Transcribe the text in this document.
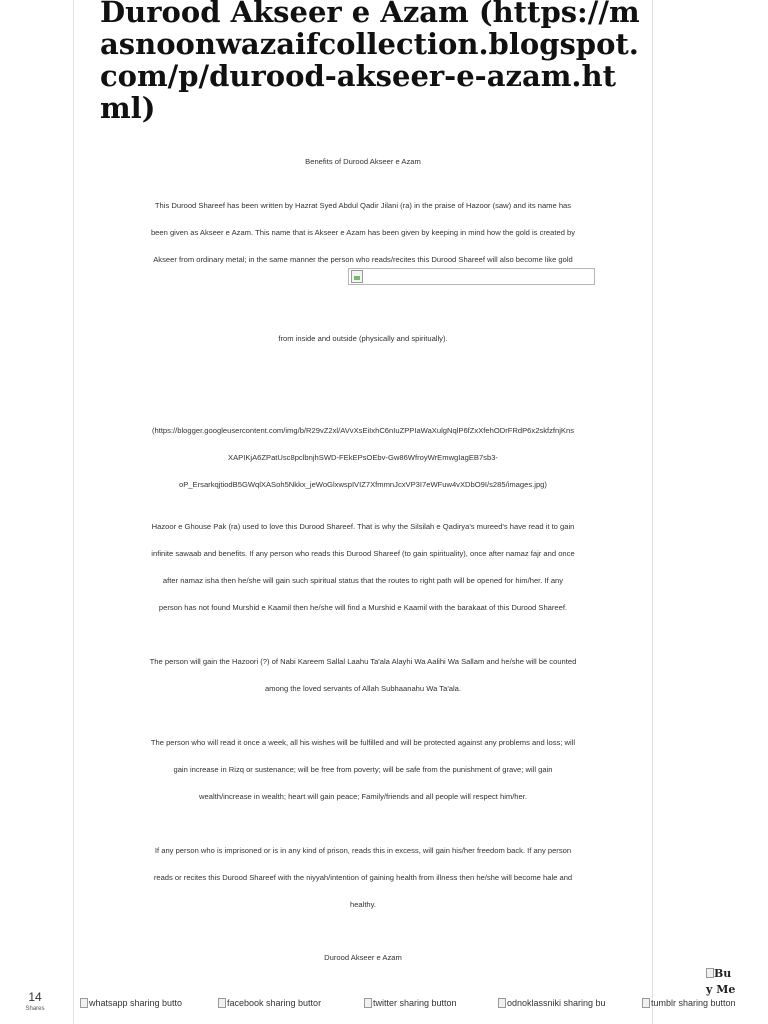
Durood Akseer e Azam (https://masnoonwazaifcollection.blogspot.com/p/durood-akseer-e-azam.html)
Benefits of Durood Akseer e Azam
This Durood Shareef has been written by Hazrat Syed Abdul Qadir Jilani (ra) in the praise of Hazoor (saw) and its name has
been given as Akseer e Azam. This name that is Akseer e Azam has been given by keeping in mind how the gold is created by
Akseer from ordinary metal; in the same manner the person who reads/recites this Durood Shareef will also become like gold
from inside and outside (physically and spiritually).
(https://blogger.googleusercontent.com/img/b/R29vZ2xl/AVvXsEiIxhC6nIuZPPIaWaXulgNqlP6fZxXfehODrFRdP6x2skfzfnjKns
XAPIKjA6ZPatUsc8pclbnjhSWD-FEkEPsOEbv-Gw86WfroyWrEmwgIagEB7sb3-
oP_ErsarkqjtiodB5GWqlXASoh5Nkkx_jeWoGlxwspIVIZ7XfmmnJcxVP3I7eWFuw4vXDbO9I/s285/images.jpg)
Hazoor e Ghouse Pak (ra) used to love this Durood Shareef. That is why the Silsilah e Qadirya's mureed's have read it to gain
infinite sawaab and benefits. If any person who reads this Durood Shareef (to gain spirituality), once after namaz fajr and once
after namaz isha then he/she will gain such spiritual status that the routes to right path will be opened for him/her. If any
person has not found Murshid e Kaamil then he/she will find a Murshid e Kaamil with the barakaat of this Durood Shareef.
The person will gain the Hazoori (?) of Nabi Kareem Sallal Laahu Ta'ala Alayhi Wa Aalihi Wa Sallam and he/she will be counted
among the loved servants of Allah Subhaanahu Wa Ta'ala.
The person who will read it once a week, all his wishes will be fulfilled and will be protected against any problems and loss; will
gain increase in Rizq or sustenance; will be free from poverty; will be safe from the punishment of grave; will gain
wealth/increase in wealth; heart will gain peace; Family/friends and all people will respect him/her.
If any person who is imprisoned or is in any kind of prison, reads this in excess, will gain his/her freedom back. If any person
reads or recites this Durood Shareef with the niyyah/intention of gaining health from illness then he/she will become hale and
healthy.
Durood Akseer e Azam
14
Shares
whatsapp sharing butto	facebook sharing buttor	twitter sharing button	odnoklassniki sharing bu	tumblr sharing button
Bu
y Me
